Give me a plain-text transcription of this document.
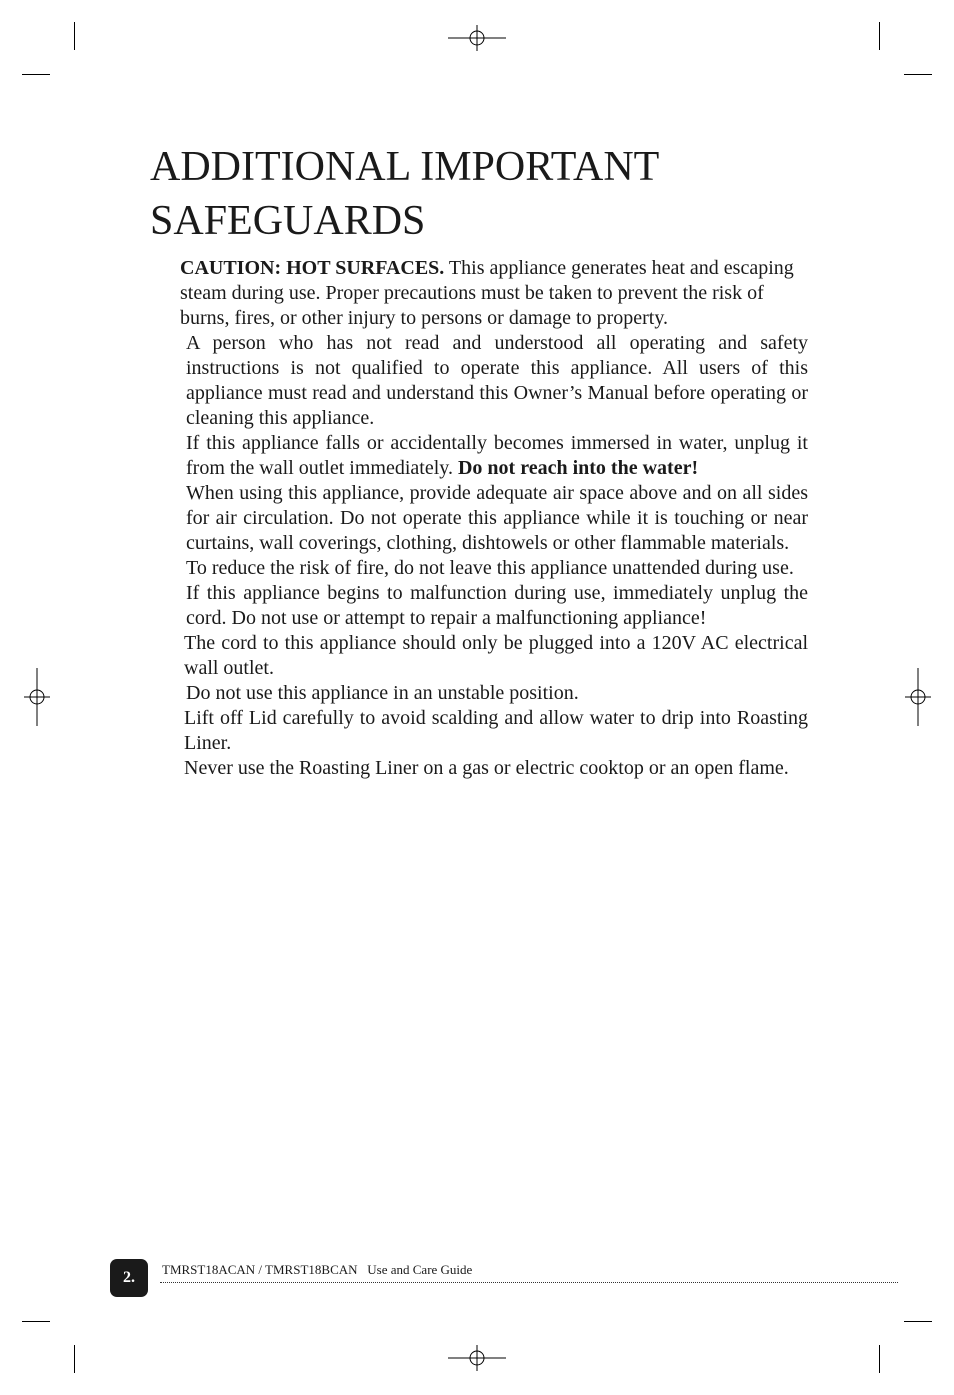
ADDITIONAL IMPORTANT
SAFEGUARDS

CAUTION: HOT SURFACES. This appliance generates heat and escaping steam during use. Proper precautions must be taken to prevent the risk of burns, fires, or other injury to persons or damage to property.

A person who has not read and understood all operating and safety instructions is not qualified to operate this appliance. All users of this appliance must read and understand this Owner’s Manual before operating or cleaning this appliance.

If this appliance falls or accidentally becomes immersed in water, unplug it from the wall outlet immediately. Do not reach into the water!

When using this appliance, provide adequate air space above and on all sides for air circulation. Do not operate this appliance while it is touching or near curtains, wall coverings, clothing, dishtowels or other flammable materials.

To reduce the risk of fire, do not leave this appliance unattended during use.

If this appliance begins to malfunction during use, immediately unplug the cord. Do not use or attempt to repair a malfunctioning appliance!

The cord to this appliance should only be plugged into a 120V AC electrical wall outlet.

Do not use this appliance in an unstable position.

Lift off Lid carefully to avoid scalding and allow water to drip into Roasting Liner.

Never use the Roasting Liner on a gas or electric cooktop or an open flame.

2. TMRST18ACAN / TMRST18BCAN   Use and Care Guide
